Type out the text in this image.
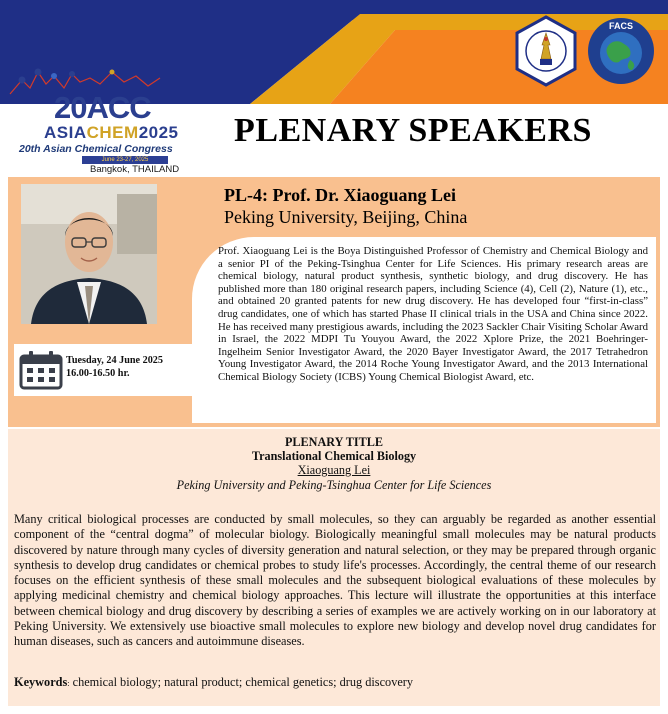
FACS
20ACC
ASIACHEM2025
20th Asian Chemical Congress
June 23-27, 2025
Bangkok, THAILAND
PLENARY SPEAKERS
PL-4: Prof. Dr. Xiaoguang Lei
Peking University, Beijing, China
Tuesday, 24 June 2025
16.00-16.50 hr.

Prof. Xiaoguang Lei is the Boya Distinguished Professor of Chemistry and Chemical Biology and a senior PI of the Peking-Tsinghua Center for Life Sciences. His primary research areas are chemical biology, natural product synthesis, synthetic biology, and drug discovery. He has published more than 180 original research papers, including Science (4), Cell (2), Nature (1), etc., and obtained 20 granted patents for new drug discovery. He has developed four “first-in-class” drug candidates, one of which has started Phase II clinical trials in the USA and China since 2022. He has received many prestigious awards, including the 2023 Sackler Chair Visiting Scholar Award in Israel, the 2022 MDPI Tu Youyou Award, the 2022 Xplore Prize, the 2021 Boehringer-Ingelheim Senior Investigator Award, the 2020 Bayer Investigator Award, the 2017 Tetrahedron Young Investigator Award, the 2014 Roche Young Investigator Award, and the 2013 International Chemical Biology Society (ICBS) Young Chemical Biologist Award, etc.

PLENARY TITLE
Translational Chemical Biology
Xiaoguang Lei
Peking University and Peking-Tsinghua Center for Life Sciences

Many critical biological processes are conducted by small molecules, so they can arguably be regarded as another essential component of the “central dogma” of molecular biology. Biologically meaningful small molecules may be natural products discovered by nature through many cycles of diversity generation and natural selection, or they may be prepared through organic synthesis to develop drug candidates or chemical probes to study life's processes. Accordingly, the central theme of our research focuses on the efficient synthesis of these small molecules and the subsequent biological evaluations of these molecules by applying medicinal chemistry and chemical biology approaches. This lecture will illustrate the opportunities at this interface between chemical biology and drug discovery by describing a series of examples we are actively working on in our laboratory at Peking University. We extensively use bioactive small molecules to explore new biology and develop novel drug candidates for human diseases, such as cancers and autoimmune diseases.

Keywords: chemical biology; natural product; chemical genetics; drug discovery
